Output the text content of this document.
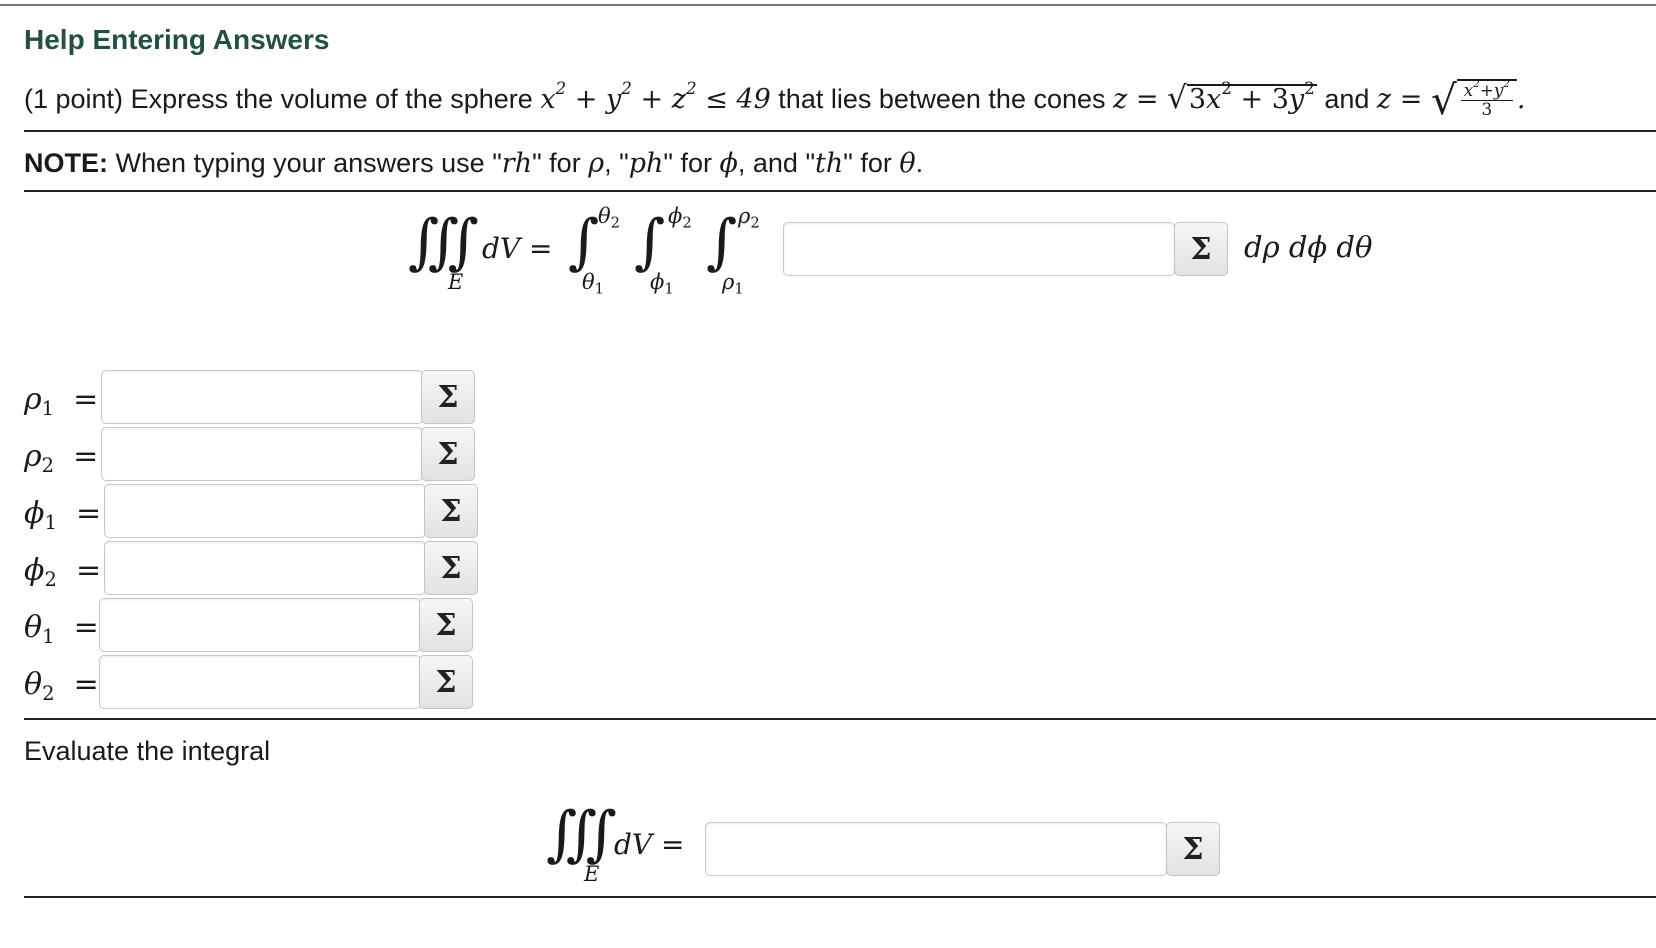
Help Entering Answers
(1 point) Express the volume of the sphere $x^2 + y^2 + z^2 \le 49$ that lies between the cones $z = √3x^2 + 3y^2$ and z = √ $\frac{x^2+y^2}{3}$ .
NOTE: When typing your answers use "rh" for ρ, "ph" for ϕ, and "th" for θ.
∭
E
dV = ∫
$\theta_2$
$\theta_1$
∫ $\phi_2$
$\phi_1$
∫ $\rho_2$
$\rho_1$
Σ	dρ dϕ dθ
$\rho_1$ =	Σ
$\rho_2$ =	Σ
$\phi_1$ =	Σ
$\phi_2$ =	Σ
$\theta_1$ =	Σ
$\theta_2$ =	Σ
Evaluate the integral
∭
E
dV =	Σ
